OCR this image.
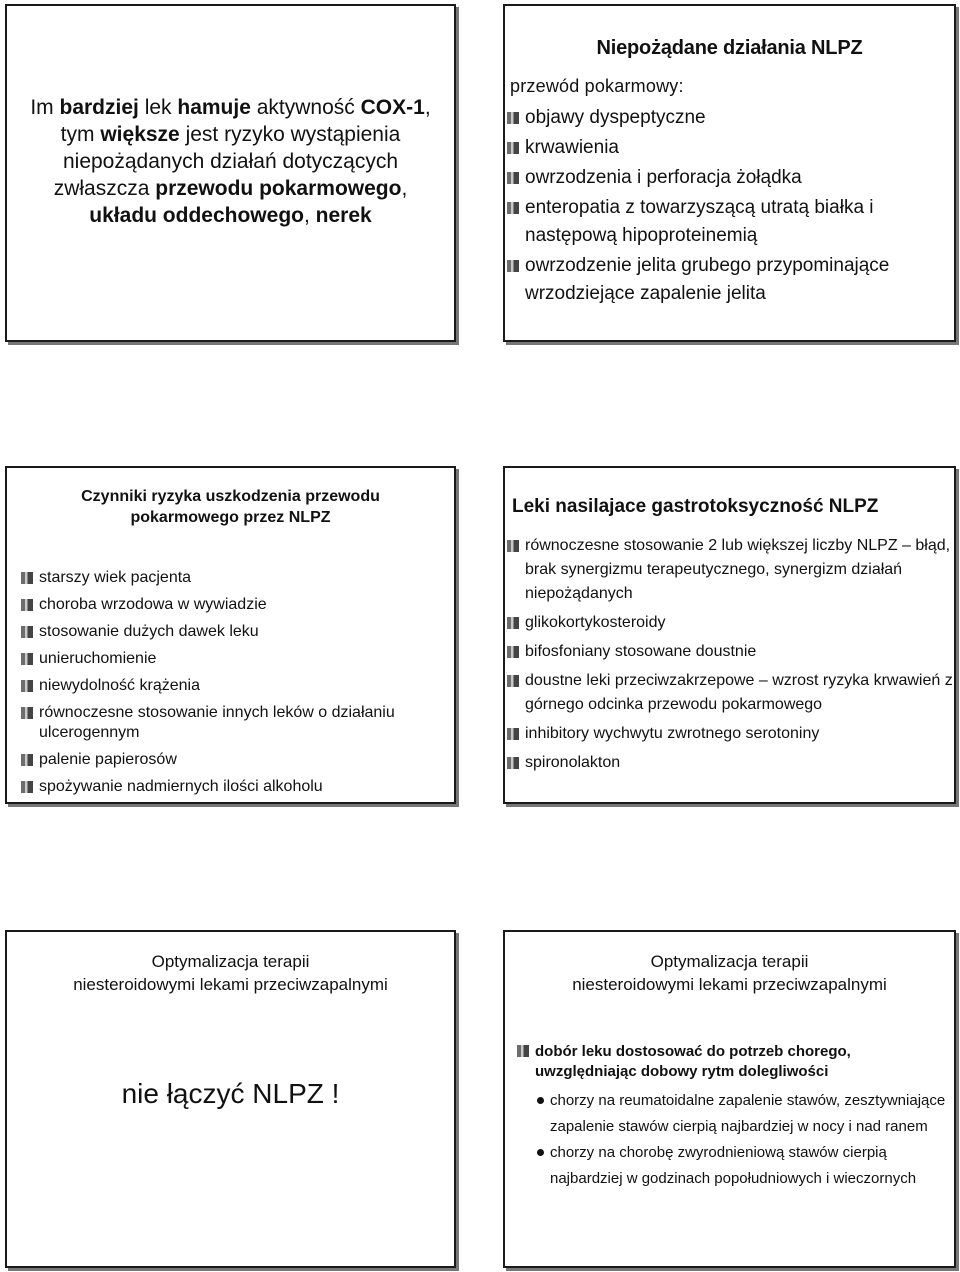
Im bardziej lek hamuje aktywność COX-1,
tym większe jest ryzyko wystąpienia
niepożądanych działań dotyczących
zwłaszcza przewodu pokarmowego,
układu oddechowego, nerek
Niepożądane działania NLPZ
przewód pokarmowy:
objawy dyspeptyczne
krwawienia
owrzodzenia i perforacja żołądka
enteropatia z towarzyszącą utratą białka i następową hipoproteinemią
owrzodzenie jelita grubego przypominające wrzodziejące zapalenie jelita
Czynniki ryzyka uszkodzenia przewodu
pokarmowego przez NLPZ
starszy wiek pacjenta
choroba wrzodowa w wywiadzie
stosowanie dużych dawek leku
unieruchomienie
niewydolność krążenia
równoczesne stosowanie innych leków o działaniu ulcerogennym
palenie papierosów
spożywanie nadmiernych ilości alkoholu
Leki nasilajace gastrotoksyczność NLPZ
równoczesne stosowanie 2 lub większej liczby NLPZ – błąd, brak synergizmu terapeutycznego, synergizm działań niepożądanych
glikokortykosteroidy
bifosfoniany stosowane doustnie
doustne leki przeciwzakrzepowe – wzrost ryzyka krwawień z górnego odcinka przewodu pokarmowego
inhibitory wychwytu zwrotnego serotoniny
spironolakton
Optymalizacja terapii
niesteroidowymi lekami przeciwzapalnymi
nie łączyć NLPZ !
Optymalizacja terapii
niesteroidowymi lekami przeciwzapalnymi
dobór leku dostosować do potrzeb chorego, uwzględniając dobowy rytm dolegliwości
chorzy na reumatoidalne zapalenie stawów, zesztywniające zapalenie stawów cierpią najbardziej w nocy i nad ranem
chorzy na chorobę zwyrodnieniową stawów cierpią najbardziej w godzinach popołudniowych i wieczornych
